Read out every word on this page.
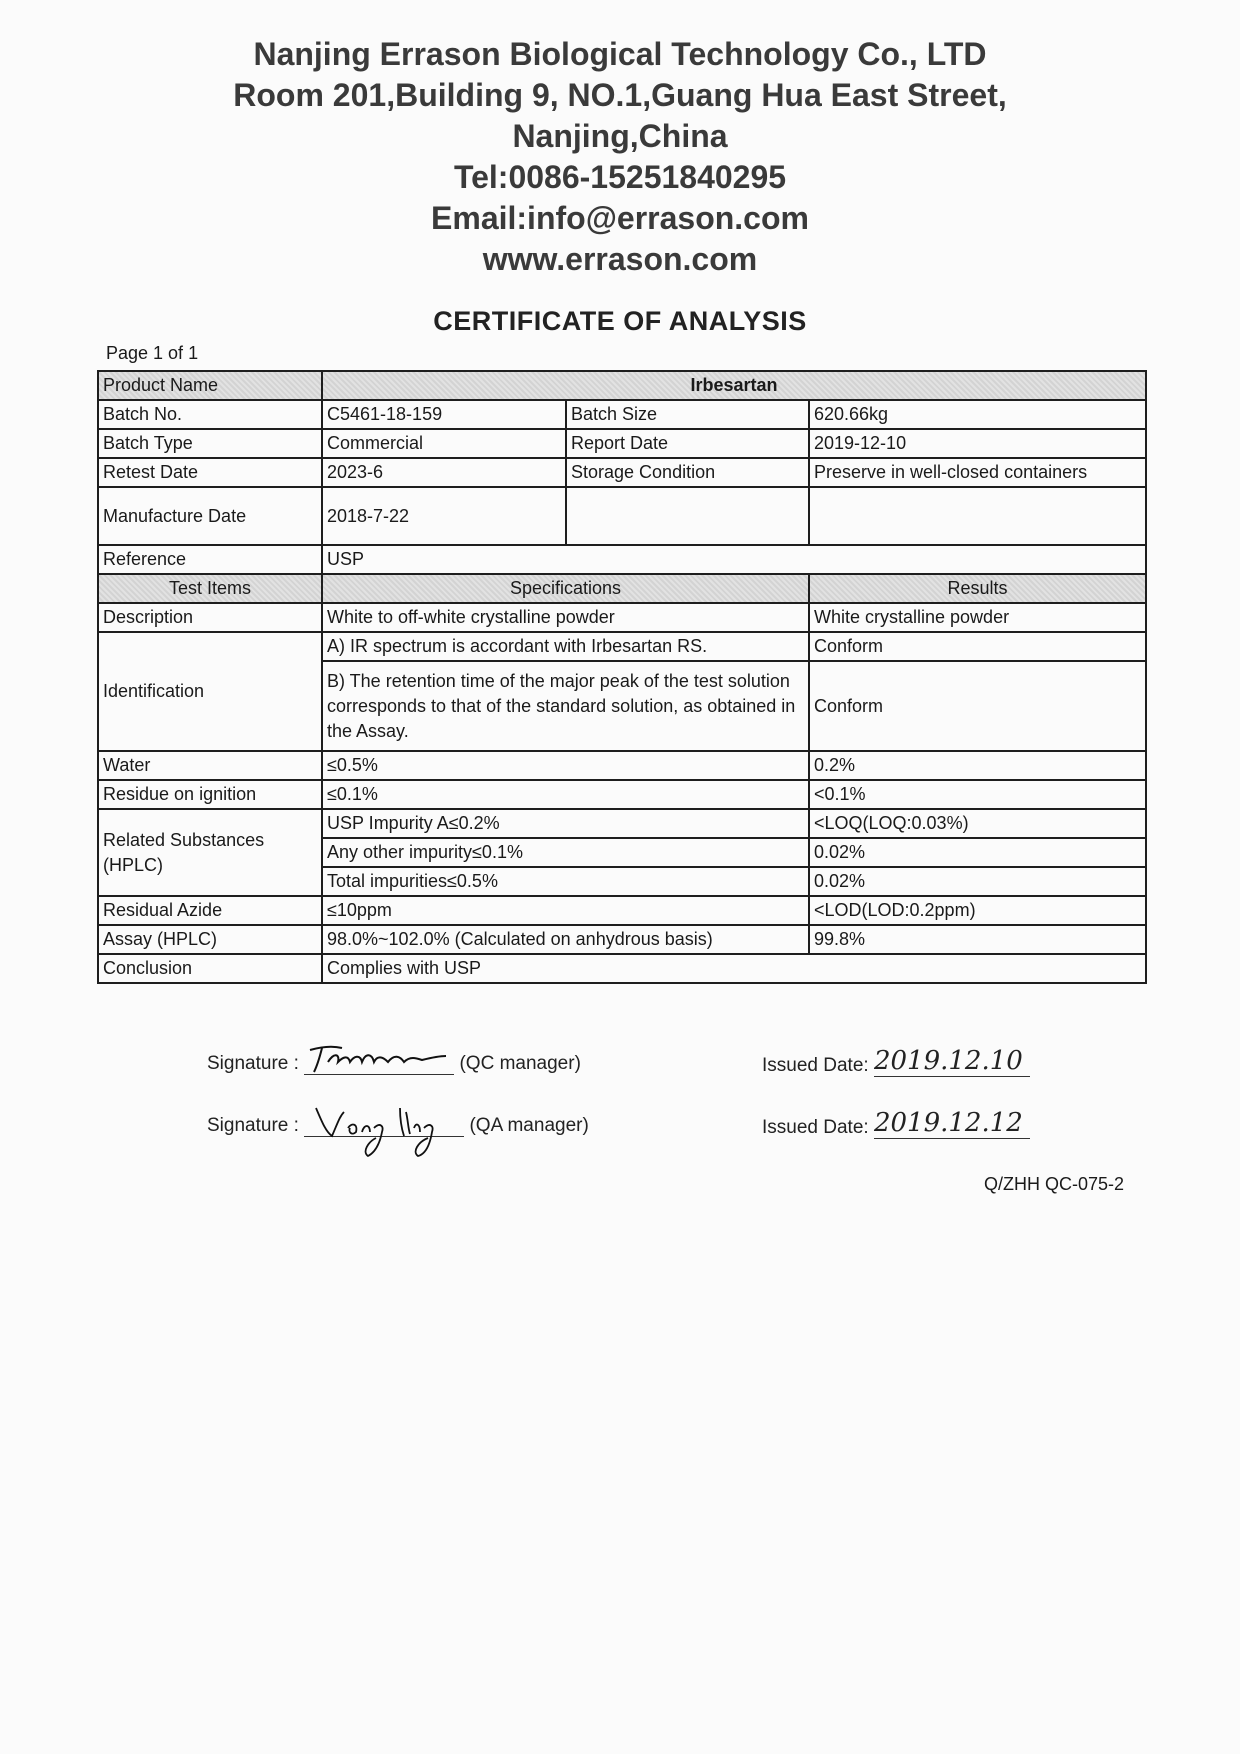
Nanjing Errason Biological Technology Co., LTD
Room 201,Building 9, NO.1,Guang Hua East Street,
Nanjing,China
Tel:0086-15251840295
Email:info@errason.com
www.errason.com
CERTIFICATE OF ANALYSIS
Page 1 of 1
Product Name	Irbesartan		
Batch No.	C5461-18-159	Batch Size	620.66kg
Batch Type	Commercial	Report Date	2019-12-10
Retest Date	2023-6	Storage Condition	Preserve in well-closed containers
Manufacture Date	2018-7-22		
Reference	USP		
Test Items	Specifications		Results
Description	White to off-white crystalline powder		White crystalline powder
Identification	A) IR spectrum is accordant with Irbesartan RS.		Conform
	B) The retention time of the major peak of the test solution corresponds to that of the standard solution, as obtained in the Assay.		Conform
Water	≤0.5%		0.2%
Residue on ignition	≤0.1%		<0.1%
Related Substances (HPLC)	USP Impurity A≤0.2%		<LOQ(LOQ:0.03%)
	Any other impurity≤0.1%		0.02%
	Total impurities≤0.5%		0.02%
Residual Azide	≤10ppm		<LOD(LOD:0.2ppm)
Assay (HPLC)	98.0%~102.0% (Calculated on anhydrous basis)		99.8%
Conclusion	Complies with USP		
Signature :	(QC manager)	Issued Date: 2019.12.10
Signature :	(QA manager)	Issued Date: 2019.12.12
Q/ZHH QC-075-2
